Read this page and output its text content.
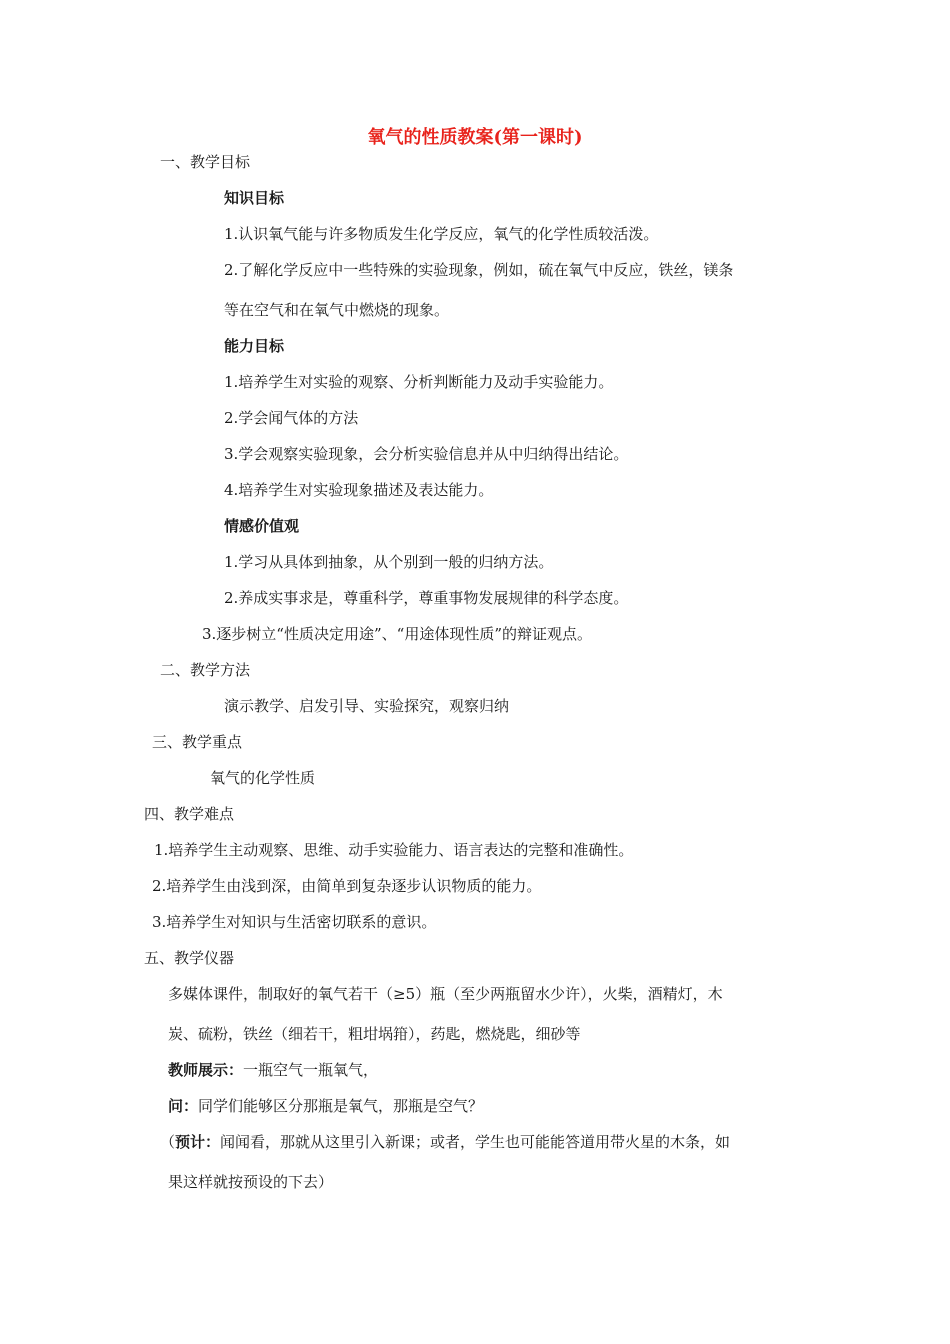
氧气的性质教案(第一课时)
一、教学目标
知识目标
1.认识氧气能与许多物质发生化学反应，氧气的化学性质较活泼。
2.了解化学反应中一些特殊的实验现象，例如，硫在氧气中反应，铁丝，镁条
等在空气和在氧气中燃烧的现象。
能力目标
1.培养学生对实验的观察、分析判断能力及动手实验能力。
2.学会闻气体的方法
3.学会观察实验现象，会分析实验信息并从中归纳得出结论。
4.培养学生对实验现象描述及表达能力。
情感价值观
1.学习从具体到抽象，从个别到一般的归纳方法。
2.养成实事求是，尊重科学，尊重事物发展规律的科学态度。
3.逐步树立“性质决定用途”、“用途体现性质”的辩证观点。
二、教学方法
演示教学、启发引导、实验探究，观察归纳
三、教学重点
氧气的化学性质
四、教学难点
1.培养学生主动观察、思维、动手实验能力、语言表达的完整和准确性。
2.培养学生由浅到深，由简单到复杂逐步认识物质的能力。
3.培养学生对知识与生活密切联系的意识。
五、教学仪器
多媒体课件，制取好的氧气若干（≥5）瓶（至少两瓶留水少许），火柴，酒精灯，木
炭、硫粉，铁丝（细若干，粗坩埚箝），药匙，燃烧匙，细砂等
教师展示：一瓶空气一瓶氧气，
问：同学们能够区分那瓶是氧气，那瓶是空气？
（预计：闻闻看，那就从这里引入新课；或者，学生也可能能答道用带火星的木条，如
果这样就按预设的下去）
